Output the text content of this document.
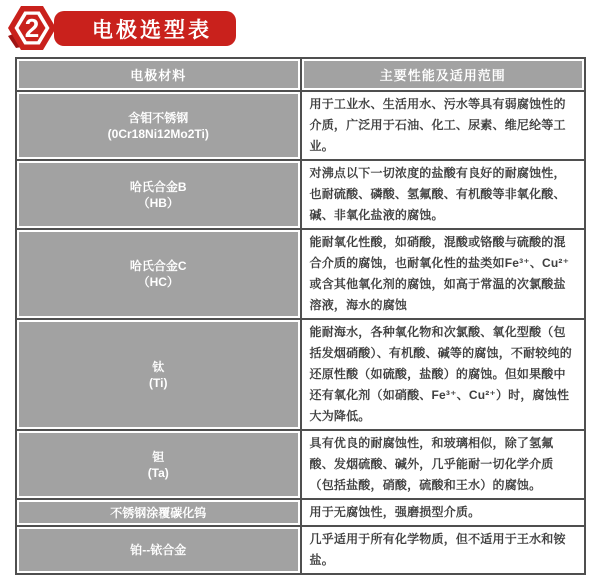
电极选型表
2
电极材料	主要性能及适用范围
含钼不锈钢
(0Cr18Ni12Mo2Ti)	用于工业水、生活用水、污水等具有弱腐蚀性的介质，广泛用于石油、化工、尿素、维尼纶等工业。
哈氏合金B
（HB）	对沸点以下一切浓度的盐酸有良好的耐腐蚀性，也耐硫酸、磷酸、氢氟酸、有机酸等非氧化酸、碱、非氧化盐液的腐蚀。
哈氏合金C
（HC）	能耐氧化性酸，如硝酸，混酸或铬酸与硫酸的混合介质的腐蚀，也耐氧化性的盐类如Fe³⁺、Cu²⁺或含其他氧化剂的腐蚀，如高于常温的次氯酸盐溶液，海水的腐蚀
钛
(Ti)	能耐海水，各种氧化物和次氯酸、氧化型酸（包括发烟硝酸）、有机酸、碱等的腐蚀，不耐较纯的还原性酸（如硫酸，盐酸）的腐蚀。但如果酸中还有氧化剂（如硝酸、Fe³⁺、Cu²⁺）时，腐蚀性大为降低。
钽
(Ta)	具有优良的耐腐蚀性，和玻璃相似，除了氢氟酸、发烟硫酸、碱外，几乎能耐一切化学介质（包括盐酸，硝酸，硫酸和王水）的腐蚀。
不锈钢涂覆碳化钨	用于无腐蚀性，强磨损型介质。
铂--铱合金	几乎适用于所有化学物质，但不适用于王水和铵盐。
